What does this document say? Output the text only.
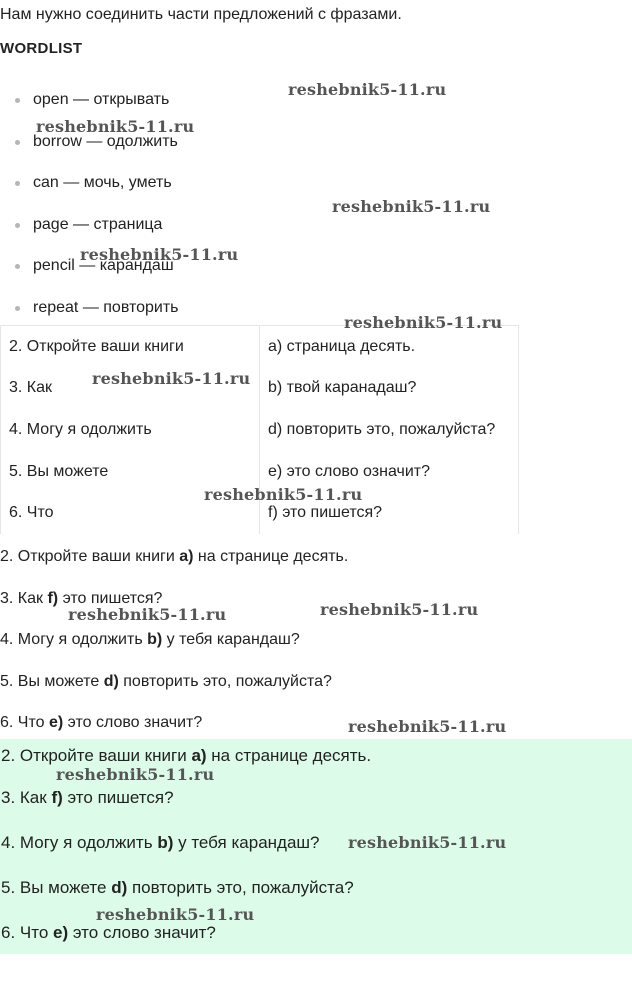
Нам нужно соединить части предложений с фразами.
WORDLIST
open — открывать
borrow — одолжить
can — мочь, уметь
page — страница
pencil — карандаш
repeat — повторить
2. Откройте ваши книги	a) страница десять.
3. Как	b) твой каранадаш?
4. Могу я одолжить	d) повторить это, пожалуйста?
5. Вы можете	e) это слово означит?
6. Что	f) это пишется?
2. Откройте ваши книги a) на странице десять.
3. Как f) это пишется?
4. Могу я одолжить b) у тебя карандаш?
5. Вы можете d) повторить это, пожалуйста?
6. Что e) это слово значит?
2. Откройте ваши книги a) на странице десять.
3. Как f) это пишется?
4. Могу я одолжить b) у тебя карандаш?
5. Вы можете d) повторить это, пожалуйста?
6. Что e) это слово значит?
reshebnik5-11.ru
reshebnik5-11.ru
reshebnik5-11.ru
reshebnik5-11.ru
reshebnik5-11.ru
reshebnik5-11.ru
reshebnik5-11.ru
reshebnik5-11.ru	reshebnik5-11.ru
reshebnik5-11.ru
reshebnik5-11.ru
reshebnik5-11.ru
reshebnik5-11.ru
